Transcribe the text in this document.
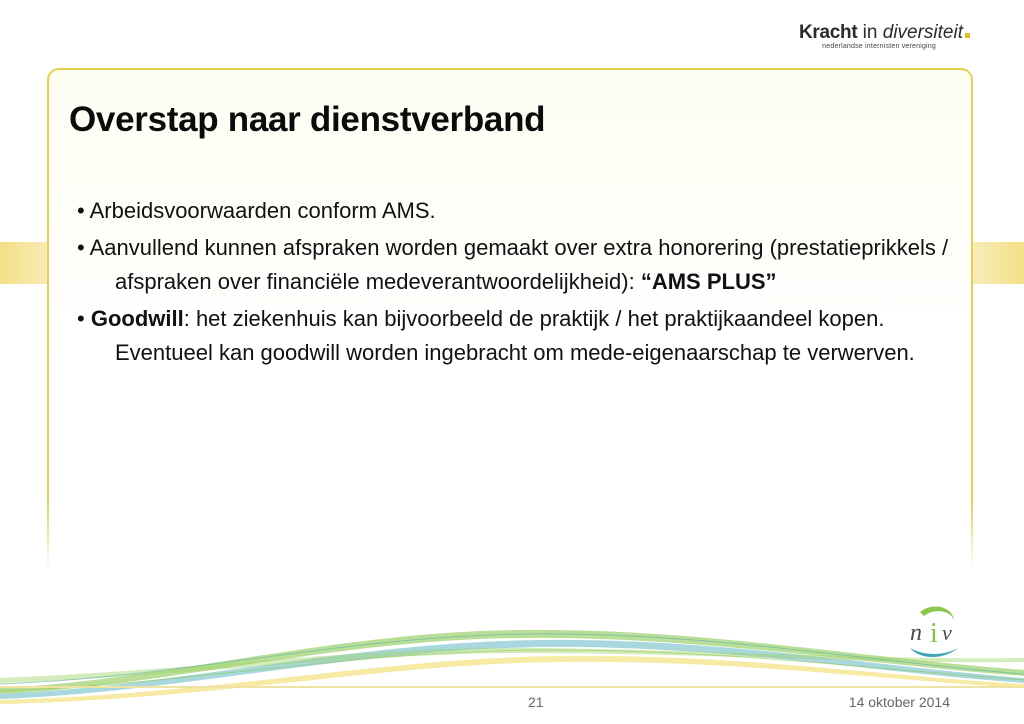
Kracht in diversiteit
nederlandse internisten vereniging
Overstap naar dienstverband
• Arbeidsvoorwaarden conform AMS.
• Aanvullend kunnen afspraken worden gemaakt over extra honorering (prestatieprikkels / afspraken over financiële medeverantwoordelijkheid): “AMS PLUS”
• Goodwill: het ziekenhuis kan bijvoorbeeld de praktijk / het praktijkaandeel kopen. Eventueel kan goodwill worden ingebracht om mede-eigenaarschap te verwerven.
n i v
21	14 oktober 2014
